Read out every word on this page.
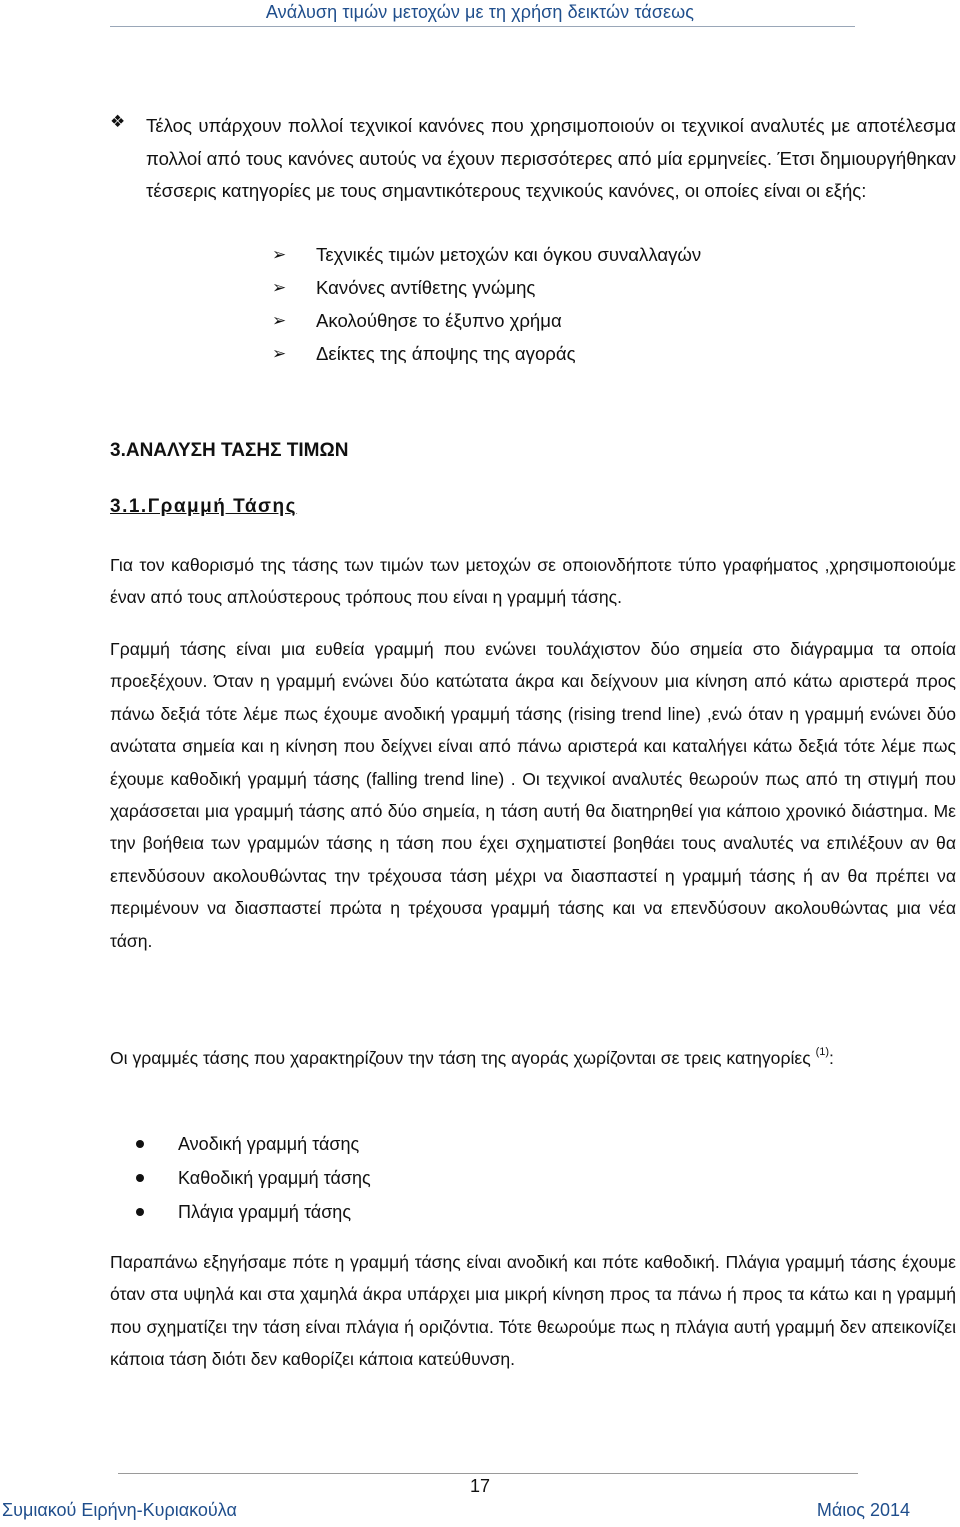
Ανάλυση τιμών μετοχών με τη χρήση δεικτών τάσεως
❖ Τέλος υπάρχουν πολλοί τεχνικοί κανόνες που χρησιμοποιούν οι τεχνικοί αναλυτές με αποτέλεσμα πολλοί από τους κανόνες αυτούς να έχουν περισσότερες από μία ερμηνείες. Έτσι δημιουργήθηκαν τέσσερις κατηγορίες με τους σημαντικότερους τεχνικούς κανόνες, οι οποίες είναι οι εξής:

➢ Τεχνικές τιμών μετοχών και όγκου συναλλαγών
➢ Κανόνες αντίθετης γνώμης
➢ Ακολούθησε το έξυπνο χρήμα
➢ Δείκτες της άποψης της αγοράς
3.ΑΝΑΛΥΣΗ ΤΑΣΗΣ ΤΙΜΩΝ
3.1.Γραμμή Τάσης

Για τον καθορισμό της τάσης των τιμών των μετοχών σε οποιονδήποτε τύπο γραφήματος ,χρησιμοποιούμε έναν από τους απλούστερους τρόπους που είναι η γραμμή τάσης.

Γραμμή τάσης είναι μια ευθεία γραμμή που ενώνει τουλάχιστον δύο σημεία στο διάγραμμα τα οποία προεξέχουν. Όταν η γραμμή ενώνει δύο κατώτατα άκρα και δείχνουν μια κίνηση από κάτω αριστερά προς πάνω δεξιά τότε λέμε πως έχουμε ανοδική γραμμή τάσης (rising trend line) ,ενώ όταν η γραμμή ενώνει δύο ανώτατα σημεία και η κίνηση που δείχνει είναι από πάνω αριστερά και καταλήγει κάτω δεξιά τότε λέμε πως έχουμε καθοδική γραμμή τάσης (falling trend line) . Οι τεχνικοί αναλυτές θεωρούν πως από τη στιγμή που χαράσσεται μια γραμμή τάσης από δύο σημεία, η τάση αυτή θα διατηρηθεί για κάποιο χρονικό διάστημα. Με την βοήθεια των γραμμών τάσης η τάση που έχει σχηματιστεί βοηθάει τους αναλυτές να επιλέξουν αν θα επενδύσουν ακολουθώντας την τρέχουσα τάση μέχρι να διασπαστεί η γραμμή τάσης ή αν θα πρέπει να περιμένουν να διασπαστεί πρώτα η τρέχουσα γραμμή τάσης και να επενδύσουν ακολουθώντας μια νέα τάση.

Οι γραμμές τάσης που χαρακτηρίζουν την τάση της αγοράς χωρίζονται σε τρεις κατηγορίες $^{(1)}$:

Ανοδική γραμμή τάσης
Καθοδική γραμμή τάσης
Πλάγια γραμμή τάσης

Παραπάνω εξηγήσαμε πότε η γραμμή τάσης είναι ανοδική και πότε καθοδική. Πλάγια γραμμή τάσης έχουμε όταν στα υψηλά και στα χαμηλά άκρα υπάρχει μια μικρή κίνηση προς τα πάνω ή προς τα κάτω και η γραμμή που σχηματίζει την τάση είναι πλάγια ή οριζόντια. Τότε θεωρούμε πως η πλάγια αυτή γραμμή δεν απεικονίζει κάποια τάση διότι δεν καθορίζει κάποια κατεύθυνση.

17
Συμιακού Ειρήνη-Κυριακούλα	Μάιος 2014
